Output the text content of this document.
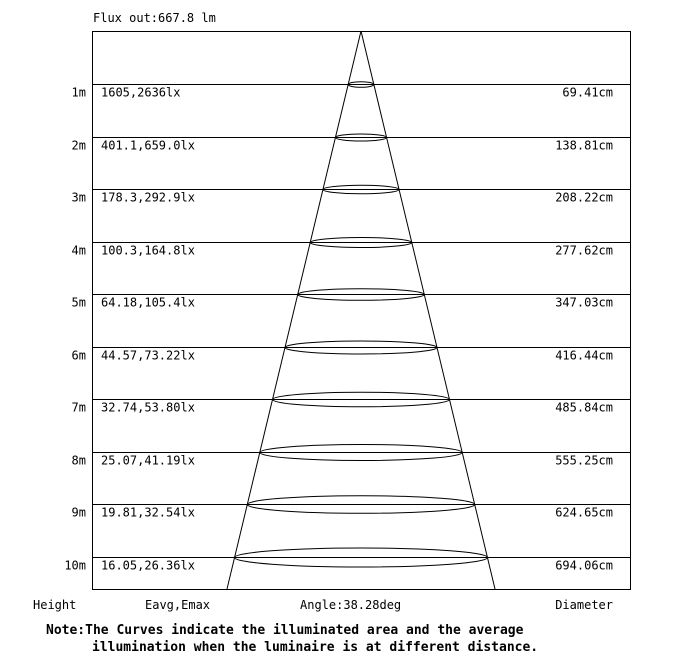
Flux out:667.8 lm
1m 1605,2636lx	69.41cm
2m 401.1,659.0lx	138.81cm
3m 178.3,292.9lx	208.22cm
4m 100.3,164.8lx	277.62cm
5m 64.18,105.4lx	347.03cm
6m 44.57,73.22lx	416.44cm
7m 32.74,53.80lx	485.84cm
8m 25.07,41.19lx	555.25cm
9m 19.81,32.54lx	624.65cm
10m 16.05,26.36lx	694.06cm
Height	Eavg,Emax	Angle:38.28deg	Diameter
Note:The Curves indicate the illuminated area and the average
illumination when the luminaire is at different distance.
